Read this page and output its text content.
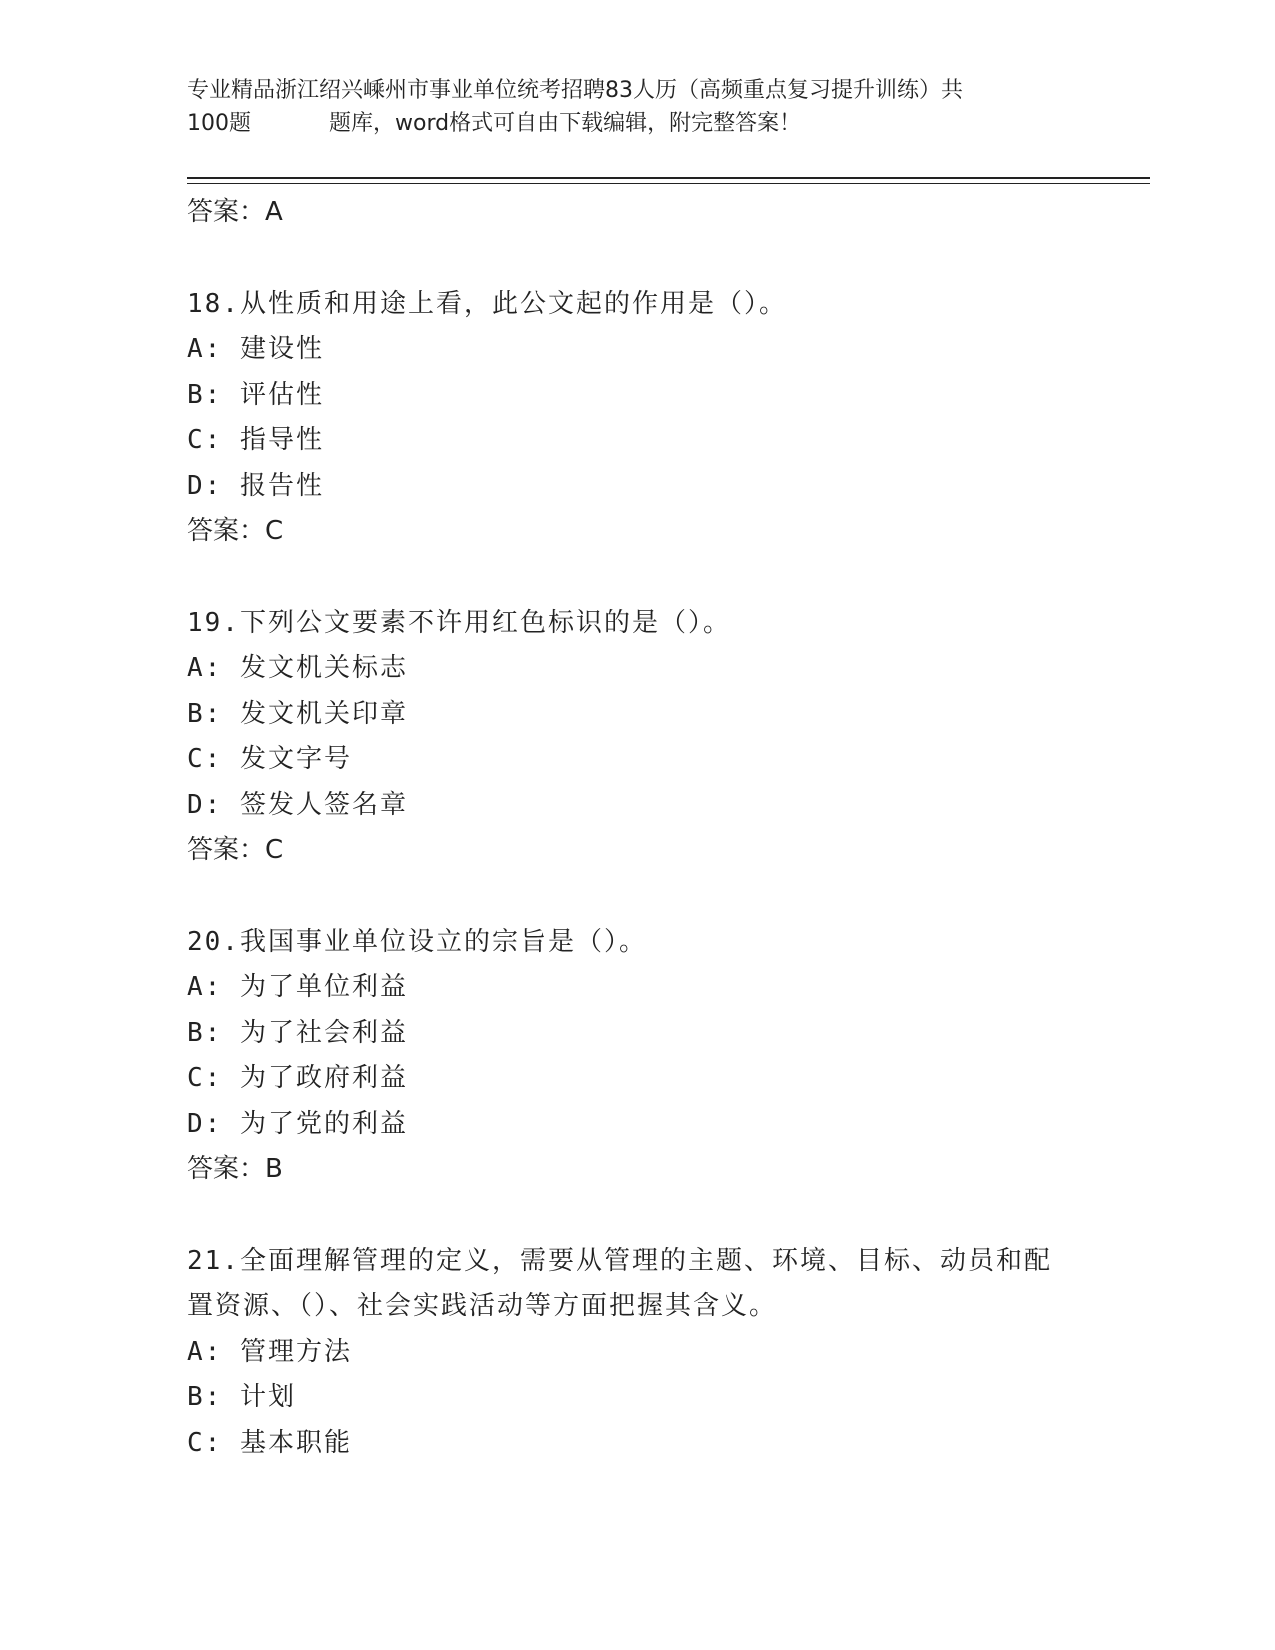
专业精品浙江绍兴嵊州市事业单位统考招聘83人历（高频重点复习提升训练）共
100题	题库，word格式可自由下载编辑，附完整答案！
答案：A
18.从性质和用途上看，此公文起的作用是（）。
A: 建设性
B: 评估性
C: 指导性
D: 报告性
答案：C
19.下列公文要素不许用红色标识的是（）。
A: 发文机关标志
B: 发文机关印章
C: 发文字号
D: 签发人签名章
答案：C
20.我国事业单位设立的宗旨是（）。
A: 为了单位利益
B: 为了社会利益
C: 为了政府利益
D: 为了党的利益
答案：B
21.全面理解管理的定义，需要从管理的主题、环境、目标、动员和配
置资源、（）、社会实践活动等方面把握其含义。
A: 管理方法
B: 计划
C: 基本职能
